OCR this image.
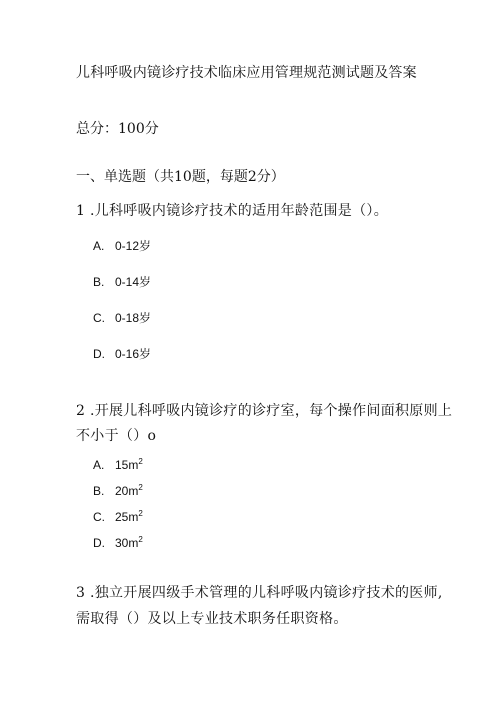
儿科呼吸内镜诊疗技术临床应用管理规范测试题及答案
总分：100分
一、单选题（共10题，每题2分）
1 .儿科呼吸内镜诊疗技术的适用年龄范围是（）。
A. 0-12岁
B. 0-14岁
C. 0-18岁
D. 0-16岁
2 .开展儿科呼吸内镜诊疗的诊疗室，每个操作间面积原则上
不小于（）o
A. $15m^2$
B. $20m^2$
C. $25m^2$
D. $30m^2$
3 .独立开展四级手术管理的儿科呼吸内镜诊疗技术的医师,
需取得（）及以上专业技术职务任职资格。
